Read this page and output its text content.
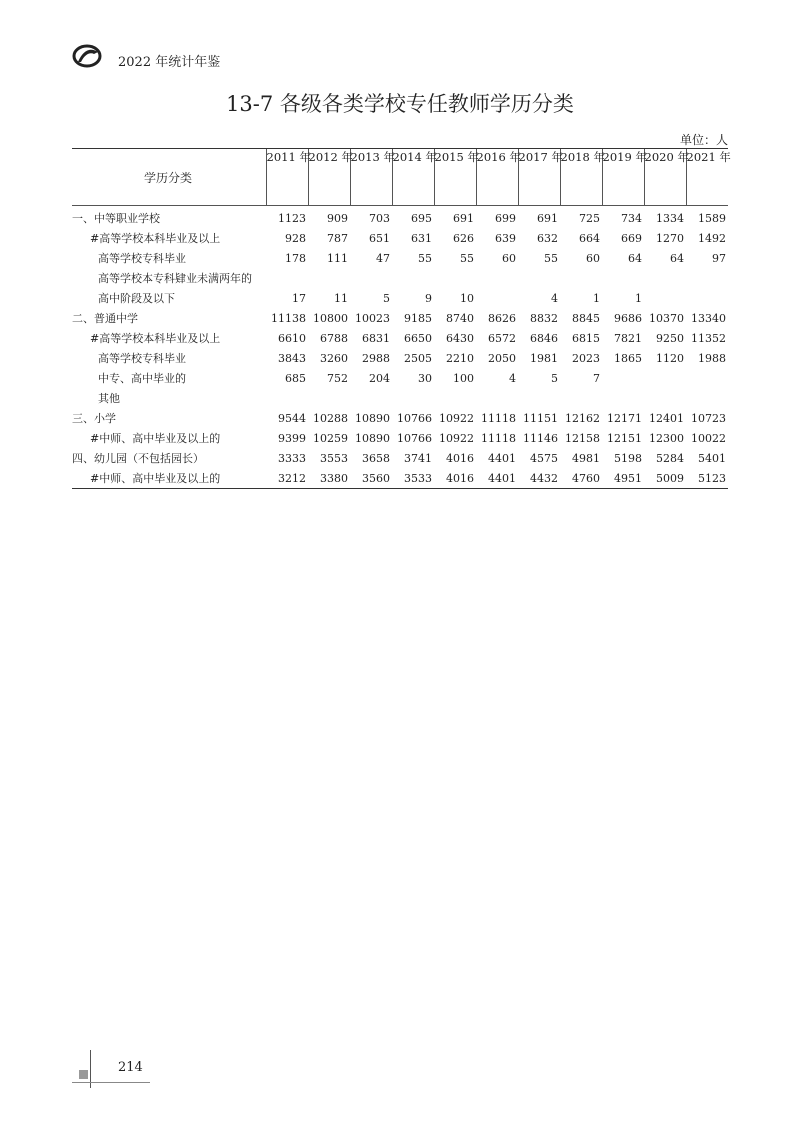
2022 年统计年鉴
13-7 各级各类学校专任教师学历分类
单位：人
学历分类	2011 年	2012 年	2013 年	2014 年	2015 年	2016 年	2017 年	2018 年	2019 年	2020 年	2021 年
一、中等职业学校	1123	909	703	695	691	699	691	725	734	1334	1589
#高等学校本科毕业及以上	928	787	651	631	626	639	632	664	669	1270	1492
高等学校专科毕业	178	111	47	55	55	60	55	60	64	64	97
高等学校本专科肄业未满两年的											
高中阶段及以下	17	11	5	9	10		4	1	1		
二、普通中学	11138	10800	10023	9185	8740	8626	8832	8845	9686	10370	13340
#高等学校本科毕业及以上	6610	6788	6831	6650	6430	6572	6846	6815	7821	9250	11352
高等学校专科毕业	3843	3260	2988	2505	2210	2050	1981	2023	1865	1120	1988
中专、高中毕业的	685	752	204	30	100	4	5	7			
其他											
三、小学	9544	10288	10890	10766	10922	11118	11151	12162	12171	12401	10723
#中师、高中毕业及以上的	9399	10259	10890	10766	10922	11118	11146	12158	12151	12300	10022
四、幼儿园（不包括园长）	3333	3553	3658	3741	4016	4401	4575	4981	5198	5284	5401
#中师、高中毕业及以上的	3212	3380	3560	3533	4016	4401	4432	4760	4951	5009	5123
214
